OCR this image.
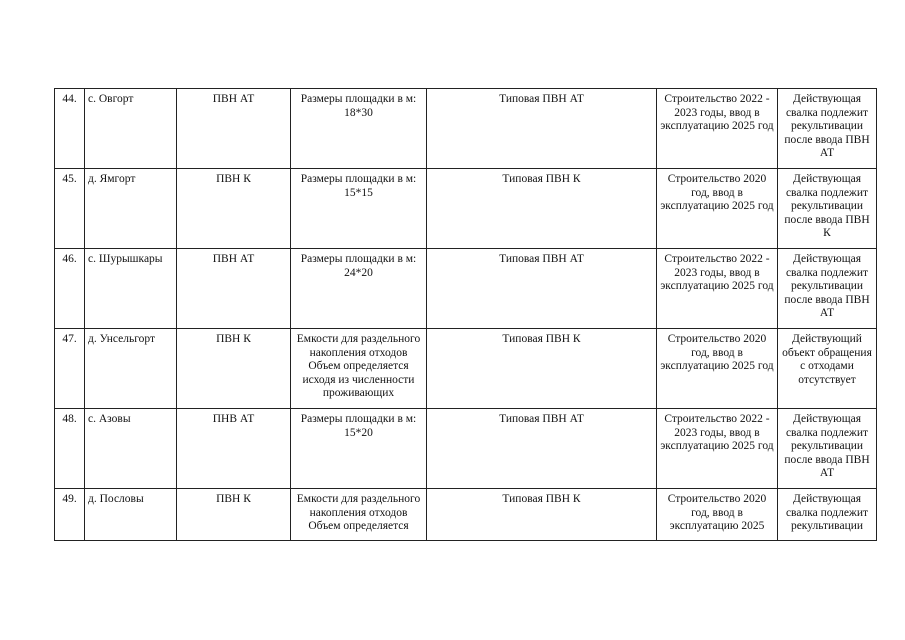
44.	с. Овгорт	ПВН АТ	Размеры площадки в м: 18*30	Типовая ПВН АТ	Строительство 2022 - 2023 годы, ввод в эксплуатацию 2025 год	Действующая свалка подлежит рекультивации после ввода ПВН АТ
45.	д. Ямгорт	ПВН К	Размеры площадки в м: 15*15	Типовая ПВН К	Строительство 2020 год, ввод в эксплуатацию 2025 год	Действующая свалка подлежит рекультивации после ввода ПВН К
46.	с. Шурышкары	ПВН АТ	Размеры площадки в м: 24*20	Типовая ПВН АТ	Строительство 2022 - 2023 годы, ввод в эксплуатацию 2025 год	Действующая свалка подлежит рекультивации после ввода ПВН АТ
47.	д. Унсельгорт	ПВН К	Емкости для раздельного накопления отходов Объем определяется исходя из численности проживающих	Типовая ПВН К	Строительство 2020 год, ввод в эксплуатацию 2025 год	Действующий объект обращения с отходами отсутствует
48.	с. Азовы	ПНВ АТ	Размеры площадки в м: 15*20	Типовая ПВН АТ	Строительство 2022 - 2023 годы, ввод в эксплуатацию 2025 год	Действующая свалка подлежит рекультивации после ввода ПВН АТ
49.	д. Пословы	ПВН К	Емкости для раздельного накопления отходов Объем определяется	Типовая ПВН К	Строительство 2020 год, ввод в эксплуатацию 2025	Действующая свалка подлежит рекультивации
